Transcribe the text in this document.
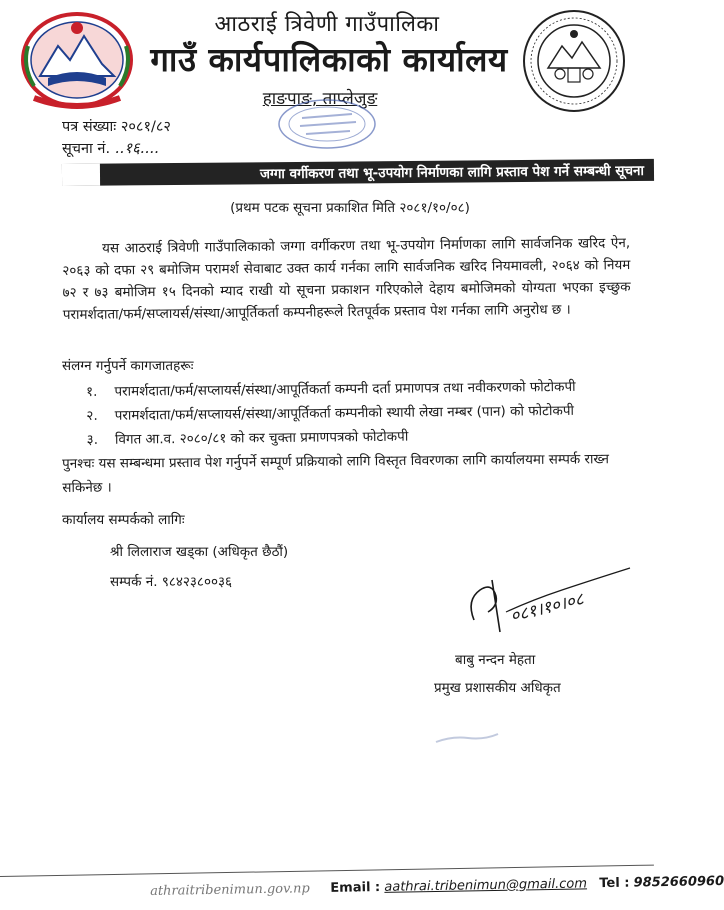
आठराई त्रिवेणी गाउँपालिका
गाउँ कार्यपालिकाको कार्यालय
हाङपाङ, ताप्लेजुङ
पत्र संख्याः २०८१/८२
सूचना नं. ..१६....
जग्गा वर्गीकरण तथा भू-उपयोग निर्माणका लागि प्रस्ताव पेश गर्ने सम्बन्धी सूचना
(प्रथम पटक सूचना प्रकाशित मिति २०८१/१०/०८)
यस आठराई त्रिवेणी गाउँपालिकाको जग्गा वर्गीकरण तथा भू-उपयोग निर्माणका लागि सार्वजनिक खरिद ऐन, २०६३ को दफा २९ बमोजिम परामर्श सेवाबाट उक्त कार्य गर्नका लागि सार्वजनिक खरिद नियमावली, २०६४ को नियम ७२ र ७३ बमोजिम १५ दिनको म्याद राखी यो सूचना प्रकाशन गरिएकोले देहाय बमोजिमको योग्यता भएका इच्छुक परामर्शदाता/फर्म/सप्लायर्स/संस्था/आपूर्तिकर्ता कम्पनीहरूले रितपूर्वक प्रस्ताव पेश गर्नका लागि अनुरोध छ ।
संलग्न गर्नुपर्ने कागजातहरूः
१. परामर्शदाता/फर्म/सप्लायर्स/संस्था/आपूर्तिकर्ता कम्पनी दर्ता प्रमाणपत्र तथा नवीकरणको फोटोकपी
२. परामर्शदाता/फर्म/सप्लायर्स/संस्था/आपूर्तिकर्ता कम्पनीको स्थायी लेखा नम्बर (पान) को फोटोकपी
३. विगत आ.व. २०८०/८१ को कर चुक्ता प्रमाणपत्रको फोटोकपी
पुनश्चः यस सम्बन्धमा प्रस्ताव पेश गर्नुपर्ने सम्पूर्ण प्रक्रियाको लागि विस्तृत विवरणका लागि कार्यालयमा सम्पर्क राख्न सकिनेछ ।
कार्यालय सम्पर्कको लागिः
श्री लिलाराज खड्का (अधिकृत छैठौं)
सम्पर्क नं. ९८४२३८००३६
०८१।१०।०८
बाबु नन्दन मेहता
प्रमुख प्रशासकीय अधिकृत
athraitribenimun.gov.np Email : aathrai.tribenimun@gmail.com Tel : 9852660960
